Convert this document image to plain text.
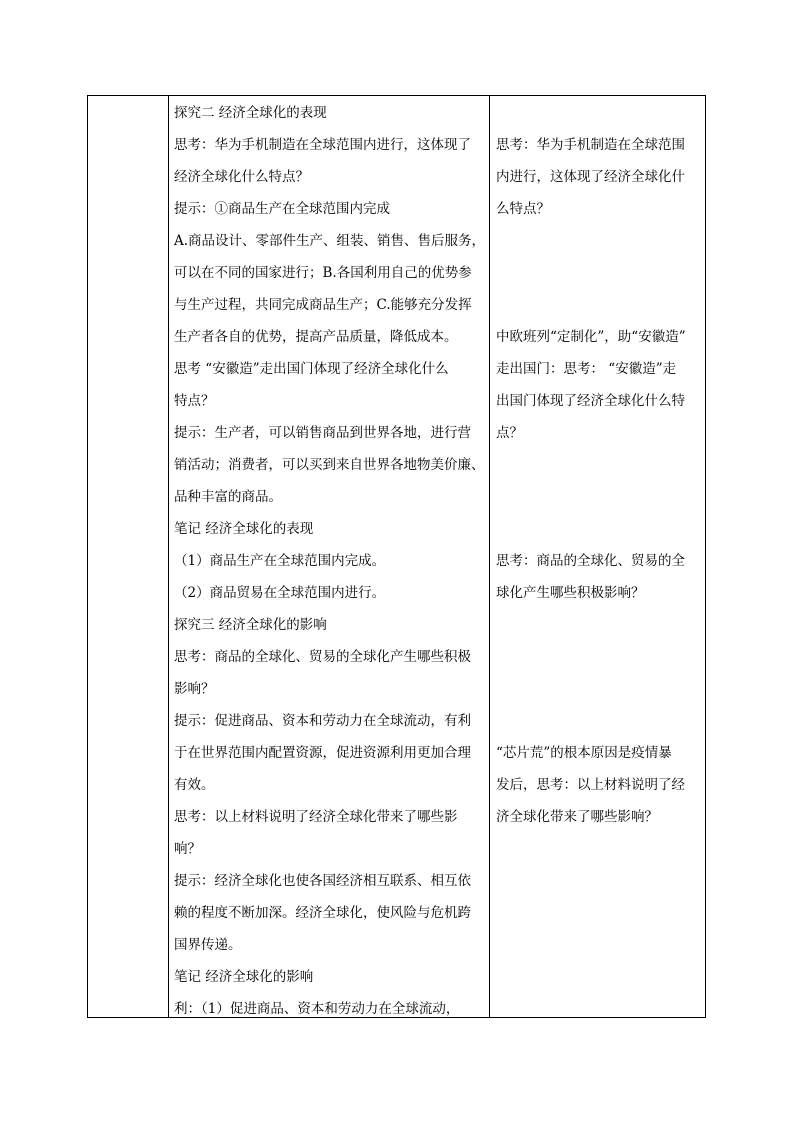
探究二 经济全球化的表现
思考：华为手机制造在全球范围内进行，这体现了
经济全球化什么特点？
提示：①商品生产在全球范围内完成
A.商品设计、零部件生产、组装、销售、售后服务，
可以在不同的国家进行；B.各国利用自己的优势参
与生产过程，共同完成商品生产；C.能够充分发挥
生产者各自的优势，提高产品质量，降低成本。
思考 “安徽造”走出国门体现了经济全球化什么
特点？
提示：生产者，可以销售商品到世界各地，进行营
销活动；消费者，可以买到来自世界各地物美价廉、
品种丰富的商品。
笔记 经济全球化的表现
（1）商品生产在全球范围内完成。
（2）商品贸易在全球范围内进行。
探究三 经济全球化的影响
思考：商品的全球化、贸易的全球化产生哪些积极
影响？
提示：促进商品、资本和劳动力在全球流动，有利
于在世界范围内配置资源，促进资源利用更加合理
有效。
思考：以上材料说明了经济全球化带来了哪些影
响？
提示：经济全球化也使各国经济相互联系、相互依
赖的程度不断加深。经济全球化，使风险与危机跨
国界传递。
笔记 经济全球化的影响
利：（1）促进商品、资本和劳动力在全球流动，
思考：华为手机制造在全球范围
内进行，这体现了经济全球化什
么特点？
中欧班列“定制化”，助“安徽造”
走出国门：思考： “安徽造”走
出国门体现了经济全球化什么特
点？
思考：商品的全球化、贸易的全
球化产生哪些积极影响？
“芯片荒”的根本原因是疫情暴
发后，思考：以上材料说明了经
济全球化带来了哪些影响？
